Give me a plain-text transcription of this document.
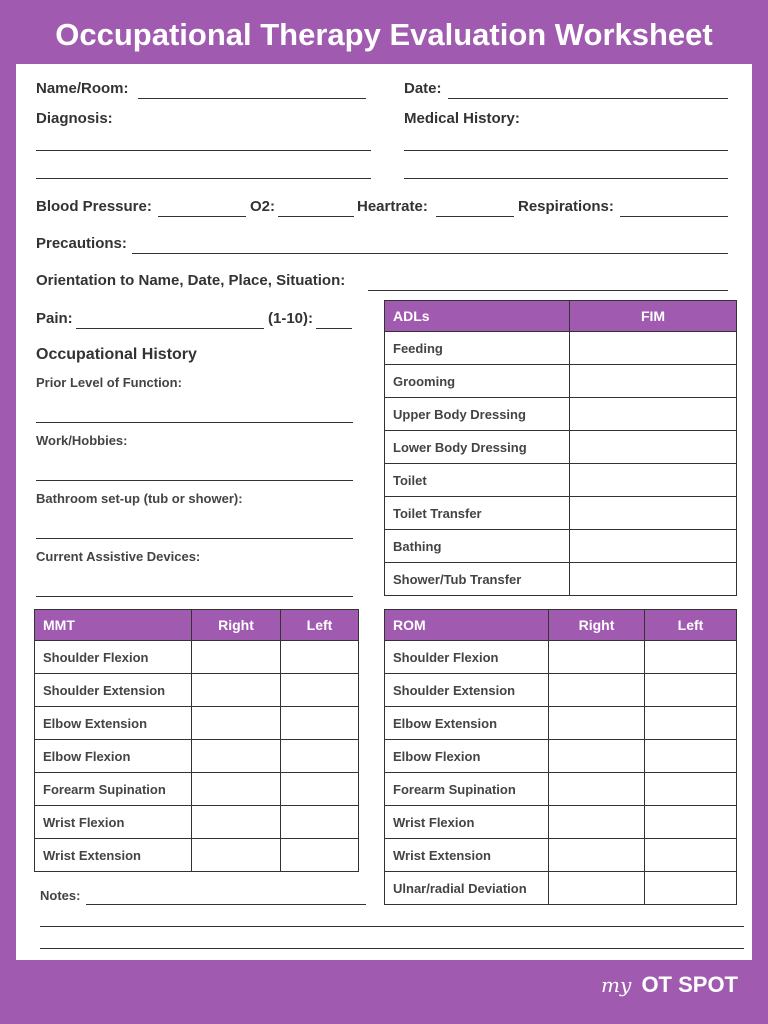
Occupational Therapy Evaluation Worksheet
Name/Room:	Date:
Diagnosis:	Medical History:
Blood Pressure:	O2:	Heartrate:	Respirations:
Precautions:
Orientation to Name, Date, Place, Situation:
Pain:	(1-10):
Occupational History
Prior Level of Function:
Work/Hobbies:
Bathroom set-up (tub or shower):
Current Assistive Devices:
ADLs	FIM
Feeding	
Grooming	
Upper Body Dressing	
Lower Body Dressing	
Toilet	
Toilet Transfer	
Bathing	
Shower/Tub Transfer	
MMT	Right	Left
Shoulder Flexion		
Shoulder Extension		
Elbow Extension		
Elbow Flexion		
Forearm Supination		
Wrist Flexion		
Wrist Extension		
ROM	Right	Left
Shoulder Flexion		
Shoulder Extension		
Elbow Extension		
Elbow Flexion		
Forearm Supination		
Wrist Flexion		
Wrist Extension		
Ulnar/radial Deviation		
Notes:
my OT SPOT
